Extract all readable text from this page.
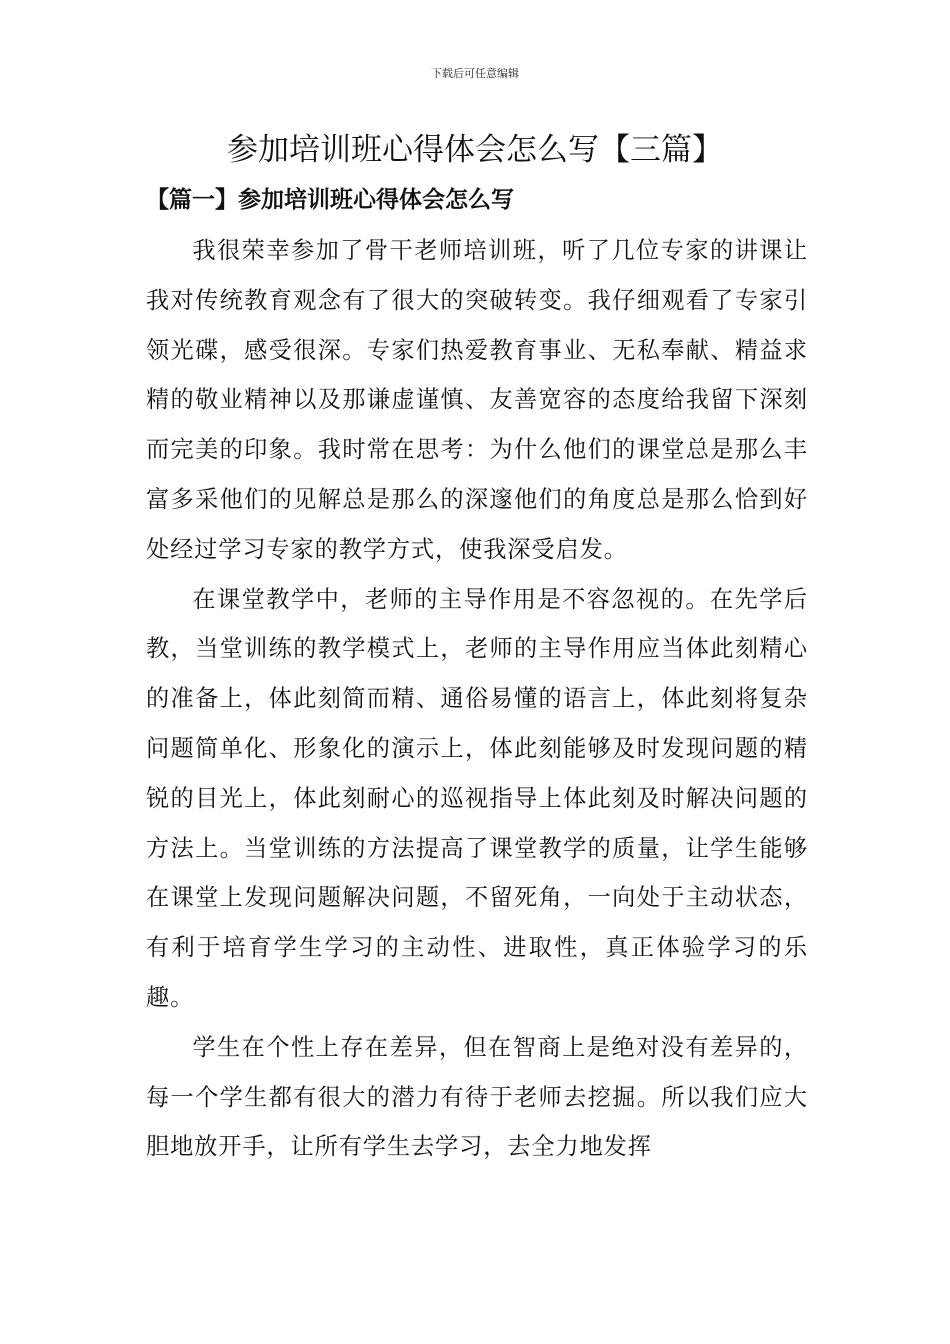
下载后可任意编辑
参加培训班心得体会怎么写【三篇】
【篇一】参加培训班心得体会怎么写

我很荣幸参加了骨干老师培训班，听了几位专家的讲课让我对传统教育观念有了很大的突破转变。我仔细观看了专家引领光碟，感受很深。专家们热爱教育事业、无私奉献、精益求精的敬业精神以及那谦虚谨慎、友善宽容的态度给我留下深刻而完美的印象。我时常在思考：为什么他们的课堂总是那么丰富多采他们的见解总是那么的深邃他们的角度总是那么恰到好处经过学习专家的教学方式，使我深受启发。

在课堂教学中，老师的主导作用是不容忽视的。在先学后教，当堂训练的教学模式上，老师的主导作用应当体此刻精心的准备上，体此刻简而精、通俗易懂的语言上，体此刻将复杂问题简单化、形象化的演示上，体此刻能够及时发现问题的精锐的目光上，体此刻耐心的巡视指导上体此刻及时解决问题的方法上。当堂训练的方法提高了课堂教学的质量，让学生能够在课堂上发现问题解决问题，不留死角，一向处于主动状态，有利于培育学生学习的主动性、进取性，真正体验学习的乐趣。

学生在个性上存在差异，但在智商上是绝对没有差异的，每一个学生都有很大的潜力有待于老师去挖掘。所以我们应大胆地放开手，让所有学生去学习，去全力地发挥
